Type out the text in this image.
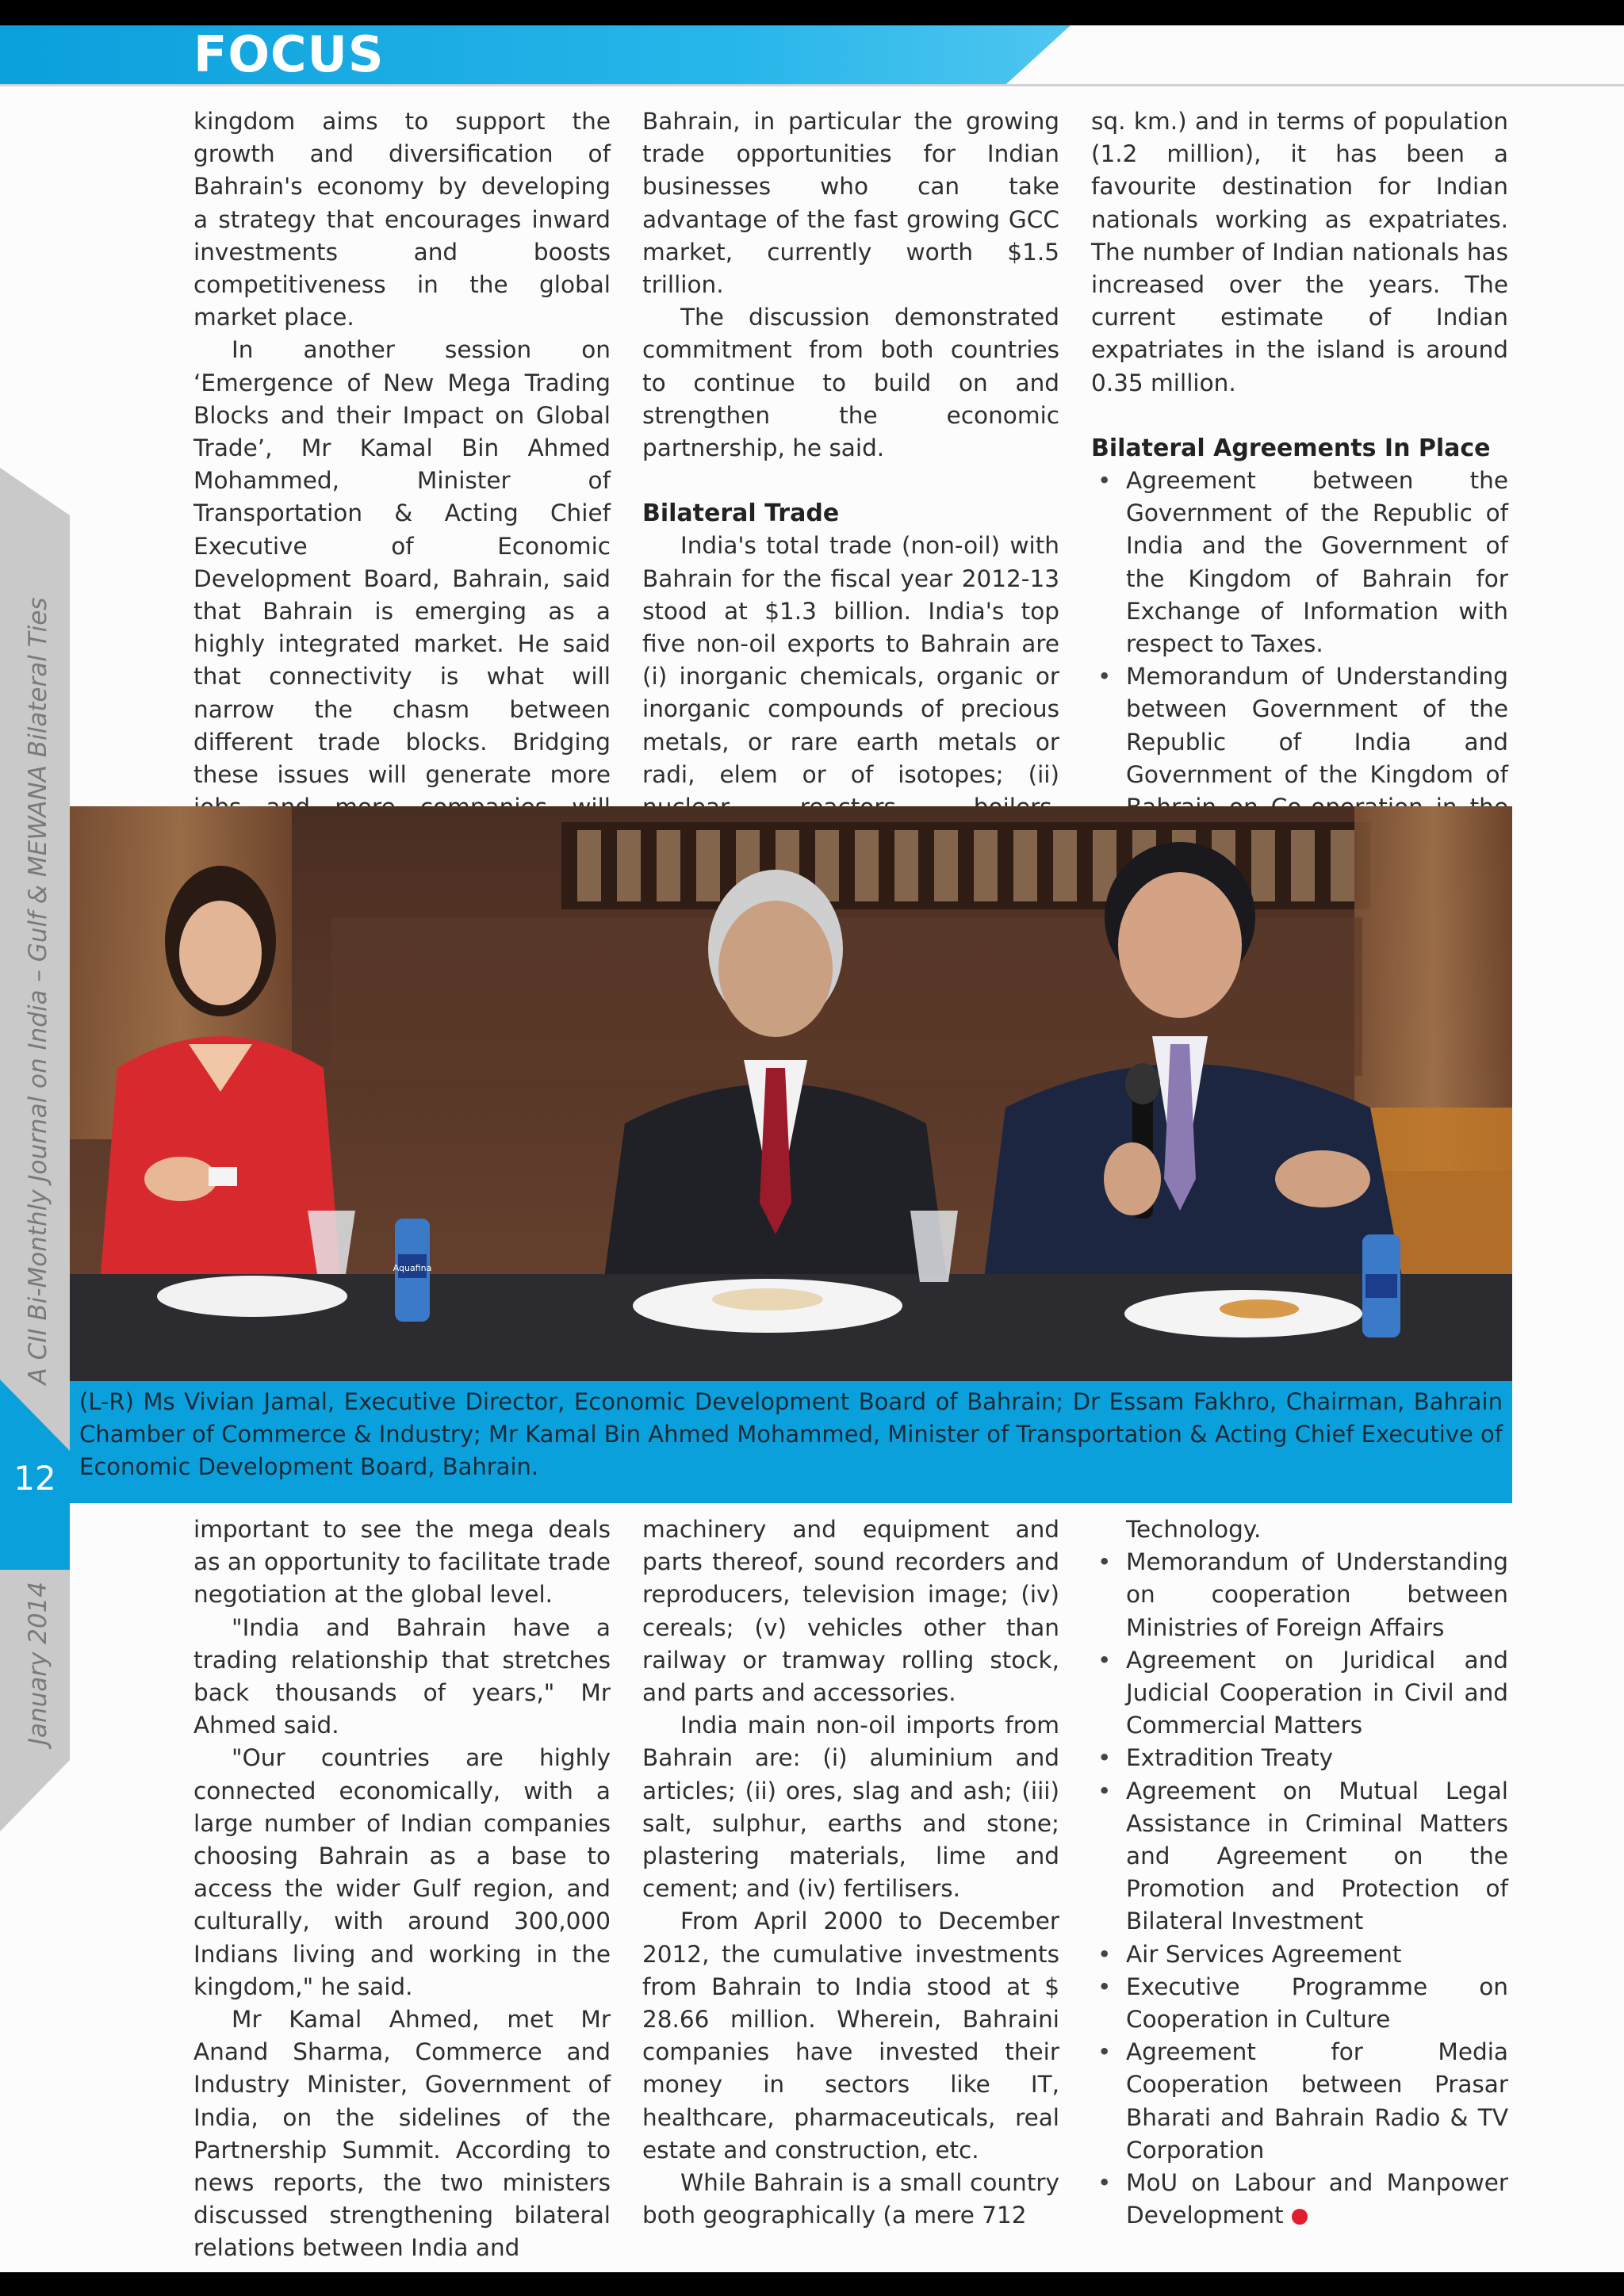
FOCUS
A CII Bi-Monthly Journal on India – Gulf & MEWANA Bilateral Ties
12
January 2014

kingdom aims to support the growth and diversification of Bahrain's economy by developing a strategy that encourages inward investments and boosts competitiveness in the global market place.

In another session on ‘Emergence of New Mega Trading Blocks and their Impact on Global Trade’, Mr Kamal Bin Ahmed Mohammed, Minister of Transportation & Acting Chief Executive of Economic Development Board, Bahrain, said that Bahrain is emerging as a highly integrated market. He said that connectivity is what will narrow the chasm between different trade blocks. Bridging these issues will generate more

Bahrain, in particular the growing trade opportunities for Indian businesses who can take advantage of the fast growing GCC market, currently worth $1.5 trillion.

The discussion demonstrated commitment from both countries to continue to build on and strengthen the economic partnership, he said.

Bilateral Trade

India's total trade (non-oil) with Bahrain for the fiscal year 2012-13 stood at $1.3 billion. India's top five non-oil exports to Bahrain are (i) inorganic chemicals, organic or inorganic compounds of precious metals, or rare earth metals or radi, elem or of isotopes; (ii)

sq. km.) and in terms of population (1.2 million), it has been a favourite destination for Indian nationals working as expatriates. The number of Indian nationals has increased over the years. The current estimate of Indian expatriates in the island is around 0.35 million.

Bilateral Agreements In Place
• Agreement between the Government of the Republic of India and the Government of the Kingdom of Bahrain for Exchange of Information with respect to Taxes.
• Memorandum of Understanding between Government of the Republic of India and Government of the Kingdom of
Aquafina

(L-R) Ms Vivian Jamal, Executive Director, Economic Development Board of Bahrain; Dr Essam Fakhro, Chairman, Bahrain Chamber of Commerce & Industry; Mr Kamal Bin Ahmed Mohammed, Minister of Transportation & Acting Chief Executive of Economic Development Board, Bahrain.

important to see the mega deals as an opportunity to facilitate trade negotiation at the global level.

"India and Bahrain have a trading relationship that stretches back thousands of years," Mr Ahmed said.

"Our countries are highly connected economically, with a large number of Indian companies choosing Bahrain as a base to access the wider Gulf region, and culturally, with around 300,000 Indians living and working in the kingdom," he said.

Mr Kamal Ahmed, met Mr Anand Sharma, Commerce and Industry Minister, Government of India, on the sidelines of the Partnership Summit. According to news reports, the two ministers discussed strengthening bilateral relations between India and

machinery and equipment and parts thereof, sound recorders and reproducers, television image; (iv) cereals; (v) vehicles other than railway or tramway rolling stock, and parts and accessories.

India main non-oil imports from Bahrain are: (i) aluminium and articles; (ii) ores, slag and ash; (iii) salt, sulphur, earths and stone; plastering materials, lime and cement; and (iv) fertilisers.

From April 2000 to December 2012, the cumulative investments from Bahrain to India stood at $ 28.66 million. Wherein, Bahraini companies have invested their money in sectors like IT, healthcare, pharmaceuticals, real estate and construction, etc.

While Bahrain is a small country both geographically (a mere 712

Technology.
• Memorandum of Understanding on cooperation between Ministries of Foreign Affairs
• Agreement on Juridical and Judicial Cooperation in Civil and Commercial Matters
• Extradition Treaty
• Agreement on Mutual Legal Assistance in Criminal Matters and Agreement on the Promotion and Protection of Bilateral Investment
• Air Services Agreement
• Executive Programme on Cooperation in Culture
• Agreement for Media Cooperation between Prasar Bharati and Bahrain Radio & TV Corporation
• MoU on Labour and Manpower Development
